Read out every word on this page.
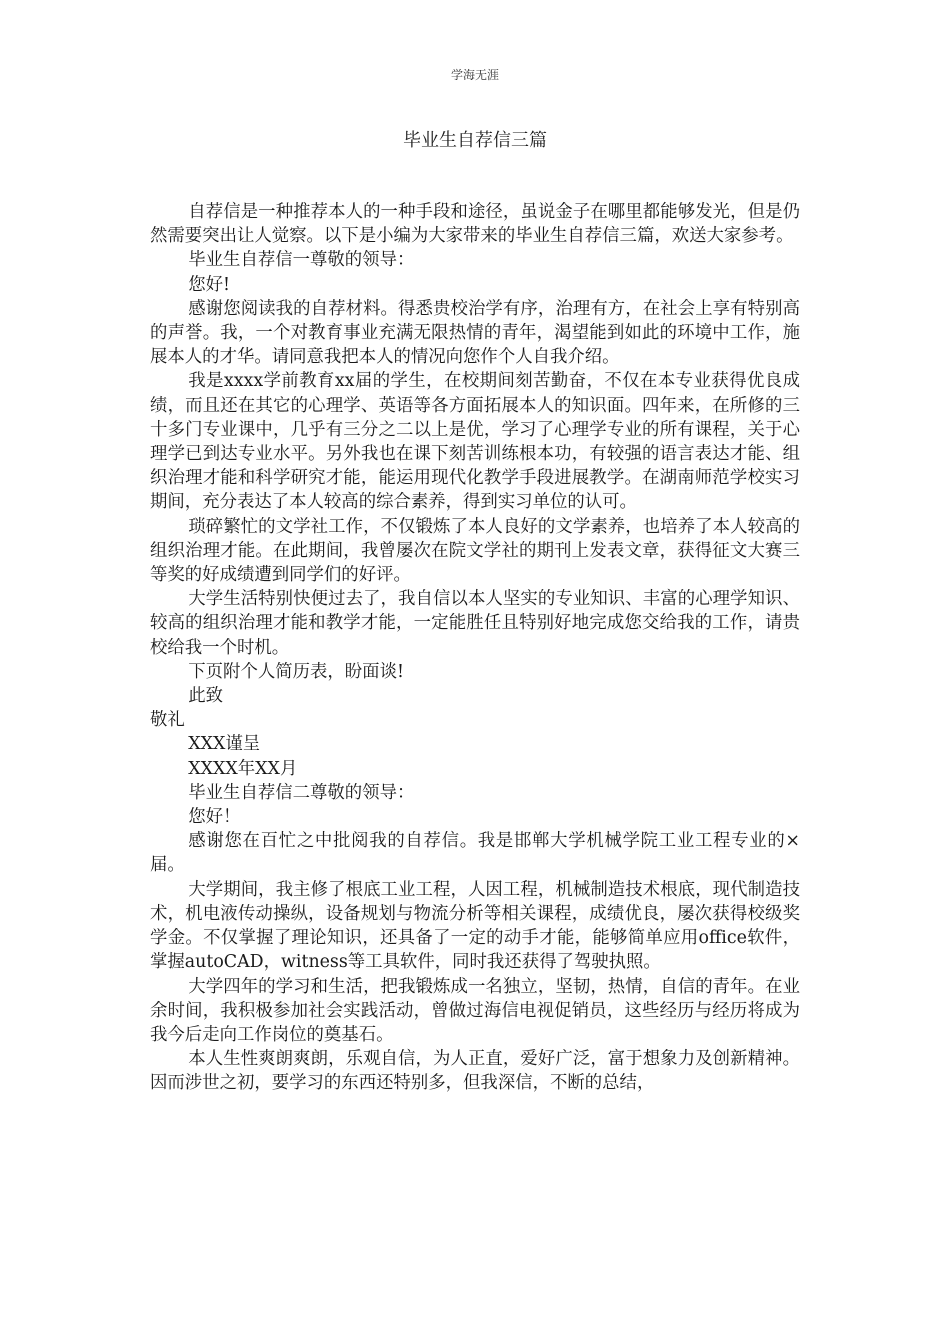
学海无涯
毕业生自荐信三篇

自荐信是一种推荐本人的一种手段和途径，虽说金子在哪里都能够发光，但是仍然需要突出让人觉察。以下是小编为大家带来的毕业生自荐信三篇，欢送大家参考。

毕业生自荐信一尊敬的领导：

您好!

感谢您阅读我的自荐材料。得悉贵校治学有序，治理有方，在社会上享有特别高的声誉。我，一个对教育事业充满无限热情的青年，渴望能到如此的环境中工作，施展本人的才华。请同意我把本人的情况向您作个人自我介绍。

我是xxxx学前教育xx届的学生，在校期间刻苦勤奋，不仅在本专业获得优良成绩，而且还在其它的心理学、英语等各方面拓展本人的知识面。四年来，在所修的三十多门专业课中，几乎有三分之二以上是优，学习了心理学专业的所有课程，关于心理学已到达专业水平。另外我也在课下刻苦训练根本功，有较强的语言表达才能、组织治理才能和科学研究才能，能运用现代化教学手段进展教学。在湖南师范学校实习期间，充分表达了本人较高的综合素养，得到实习单位的认可。

琐碎繁忙的文学社工作，不仅锻炼了本人良好的文学素养，也培养了本人较高的组织治理才能。在此期间，我曾屡次在院文学社的期刊上发表文章，获得征文大赛三等奖的好成绩遭到同学们的好评。

大学生活特别快便过去了，我自信以本人坚实的专业知识、丰富的心理学知识、较高的组织治理才能和教学才能，一定能胜任且特别好地完成您交给我的工作，请贵校给我一个时机。

下页附个人简历表，盼面谈!

此致

敬礼

XXX谨呈

XXXX年XX月

毕业生自荐信二尊敬的领导：

您好！

感谢您在百忙之中批阅我的自荐信。我是邯郸大学机械学院工业工程专业的×届。

大学期间，我主修了根底工业工程，人因工程，机械制造技术根底，现代制造技术，机电液传动操纵，设备规划与物流分析等相关课程，成绩优良，屡次获得校级奖学金。不仅掌握了理论知识，还具备了一定的动手才能，能够简单应用office软件，掌握autoCAD，witness等工具软件，同时我还获得了驾驶执照。

大学四年的学习和生活，把我锻炼成一名独立，坚韧，热情，自信的青年。在业余时间，我积极参加社会实践活动，曾做过海信电视促销员，这些经历与经历将成为我今后走向工作岗位的奠基石。

本人生性爽朗爽朗，乐观自信，为人正直，爱好广泛，富于想象力及创新精神。因而涉世之初，要学习的东西还特别多，但我深信，不断的总结，
